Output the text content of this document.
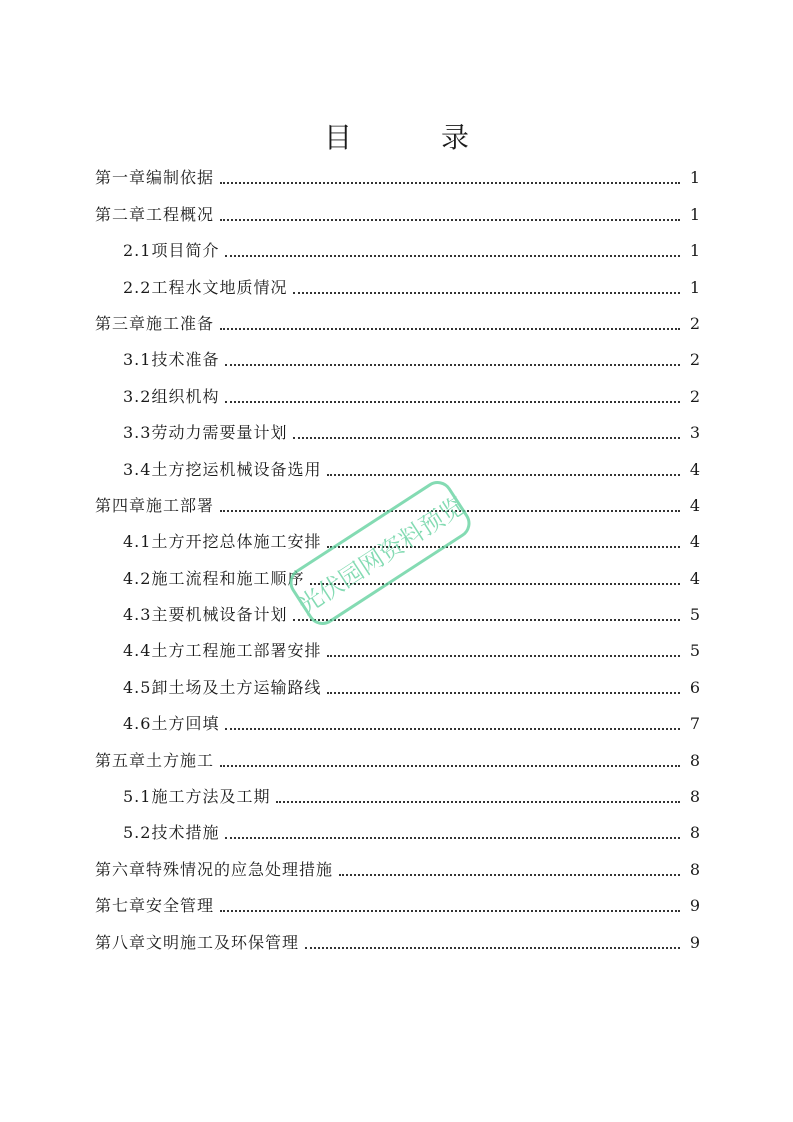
目 录
第一章编制依据	1
第二章工程概况	1
2.1项目简介	1
2.2工程水文地质情况	1
第三章施工准备	2
3.1技术准备	2
3.2组织机构	2
3.3劳动力需要量计划	3
3.4土方挖运机械设备选用	4
第四章施工部署	4
4.1土方开挖总体施工安排	4
4.2施工流程和施工顺序	4
4.3主要机械设备计划	5
4.4土方工程施工部署安排	5
4.5卸土场及土方运输路线	6
4.6土方回填	7
第五章土方施工	8
5.1施工方法及工期	8
5.2技术措施	8
第六章特殊情况的应急处理措施	8
第七章安全管理	9
第八章文明施工及环保管理	9
光伏园网资料预览
